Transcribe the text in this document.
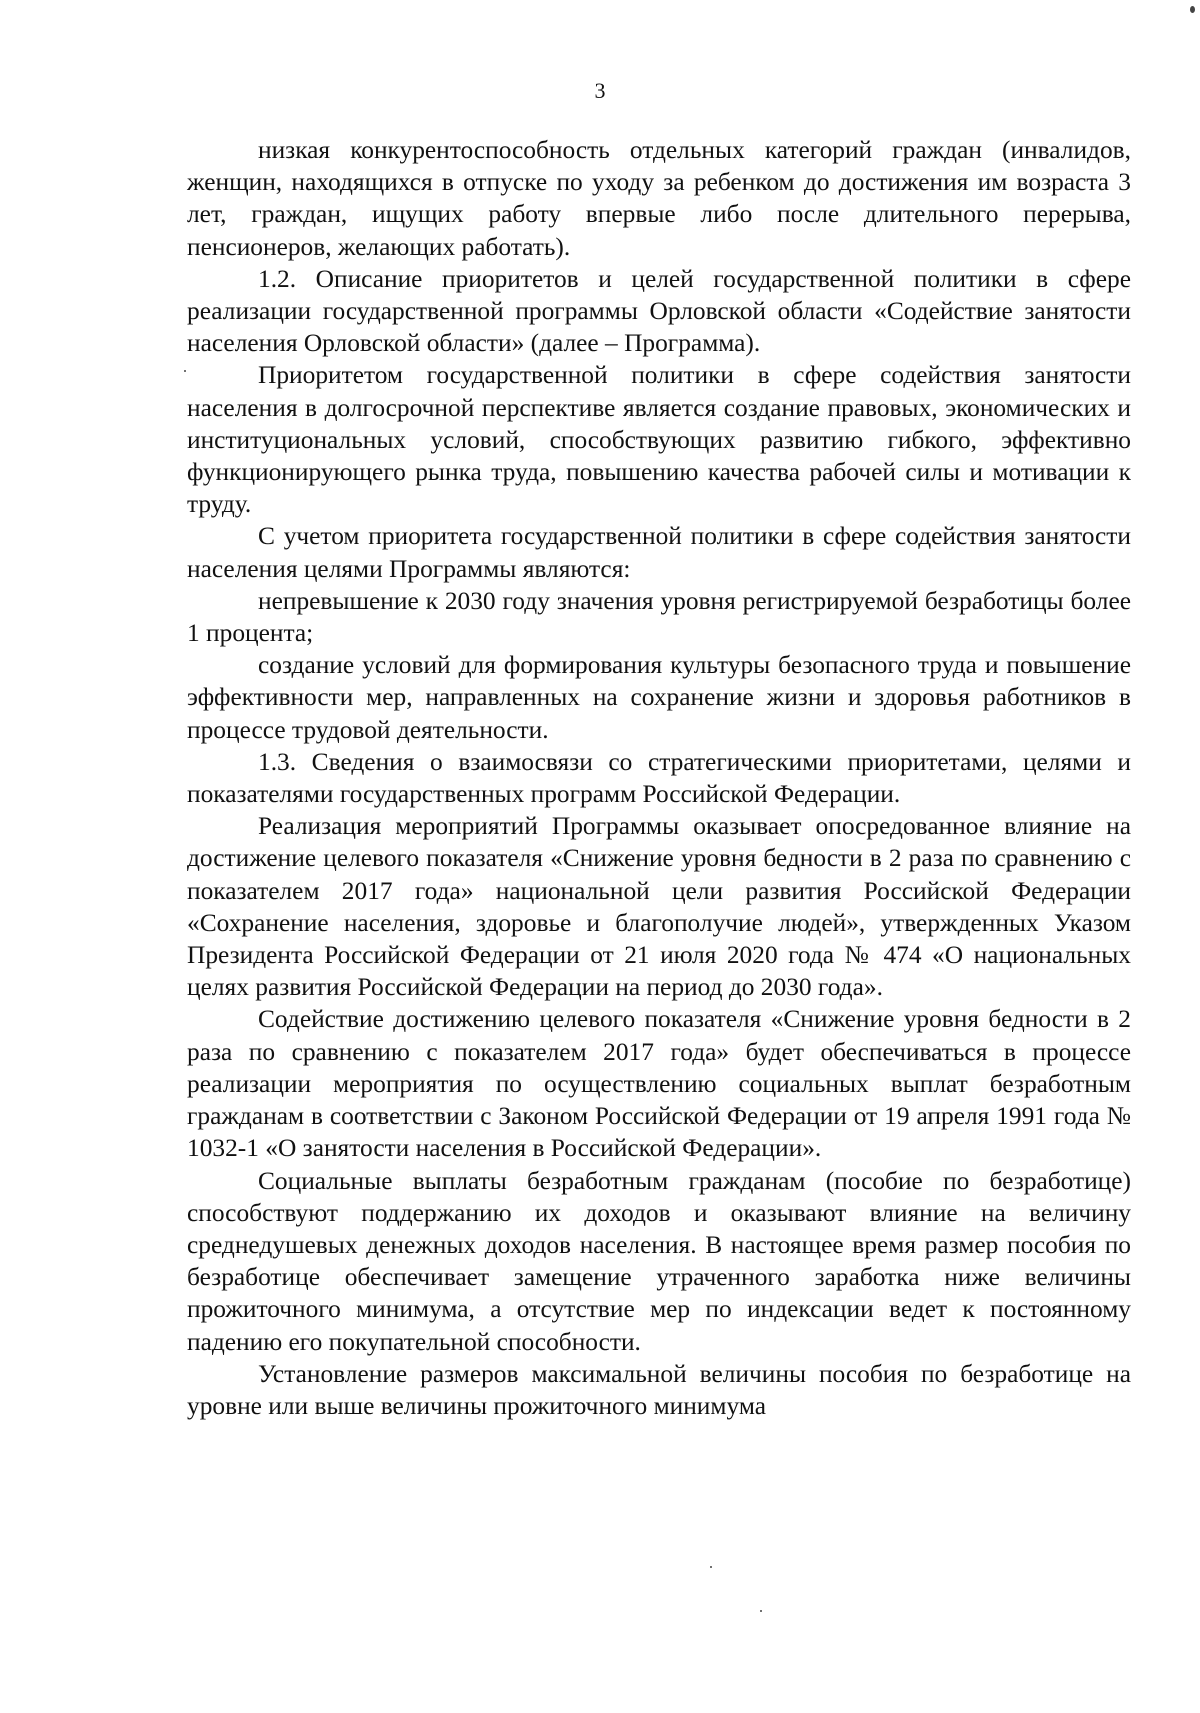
3

низкая конкурентоспособность отдельных категорий граждан (инвалидов, женщин, находящихся в отпуске по уходу за ребенком до достижения им возраста 3 лет, граждан, ищущих работу впервые либо после длительного перерыва, пенсионеров, желающих работать).

1.2. Описание приоритетов и целей государственной политики в сфере реализации государственной программы Орловской области «Содействие занятости населения Орловской области» (далее – Программа).

Приоритетом государственной политики в сфере содействия занятости населения в долгосрочной перспективе является создание правовых, экономических и институциональных условий, способствующих развитию гибкого, эффективно функционирующего рынка труда, повышению качества рабочей силы и мотивации к труду.

С учетом приоритета государственной политики в сфере содействия занятости населения целями Программы являются:

непревышение к 2030 году значения уровня регистрируемой безработицы более 1 процента;

создание условий для формирования культуры безопасного труда и повышение эффективности мер, направленных на сохранение жизни и здоровья работников в процессе трудовой деятельности.

1.3. Сведения о взаимосвязи со стратегическими приоритетами, целями и показателями государственных программ Российской Федерации.

Реализация мероприятий Программы оказывает опосредованное влияние на достижение целевого показателя «Снижение уровня бедности в 2 раза по сравнению с показателем 2017 года» национальной цели развития Российской Федерации «Сохранение населения, здоровье и благополучие людей», утвержденных Указом Президента Российской Федерации от 21 июля 2020 года № 474 «О национальных целях развития Российской Федерации на период до 2030 года».

Содействие достижению целевого показателя «Снижение уровня бедности в 2 раза по сравнению с показателем 2017 года» будет обеспечиваться в процессе реализации мероприятия по осуществлению социальных выплат безработным гражданам в соответствии с Законом Российской Федерации от 19 апреля 1991 года № 1032-1 «О занятости населения в Российской Федерации».

Социальные выплаты безработным гражданам (пособие по безработице) способствуют поддержанию их доходов и оказывают влияние на величину среднедушевых денежных доходов населения. В настоящее время размер пособия по безработице обеспечивает замещение утраченного заработка ниже величины прожиточного минимума, а отсутствие мер по индексации ведет к постоянному падению его покупательной способности.

Установление размеров максимальной величины пособия по безработице на уровне или выше величины прожиточного минимума
